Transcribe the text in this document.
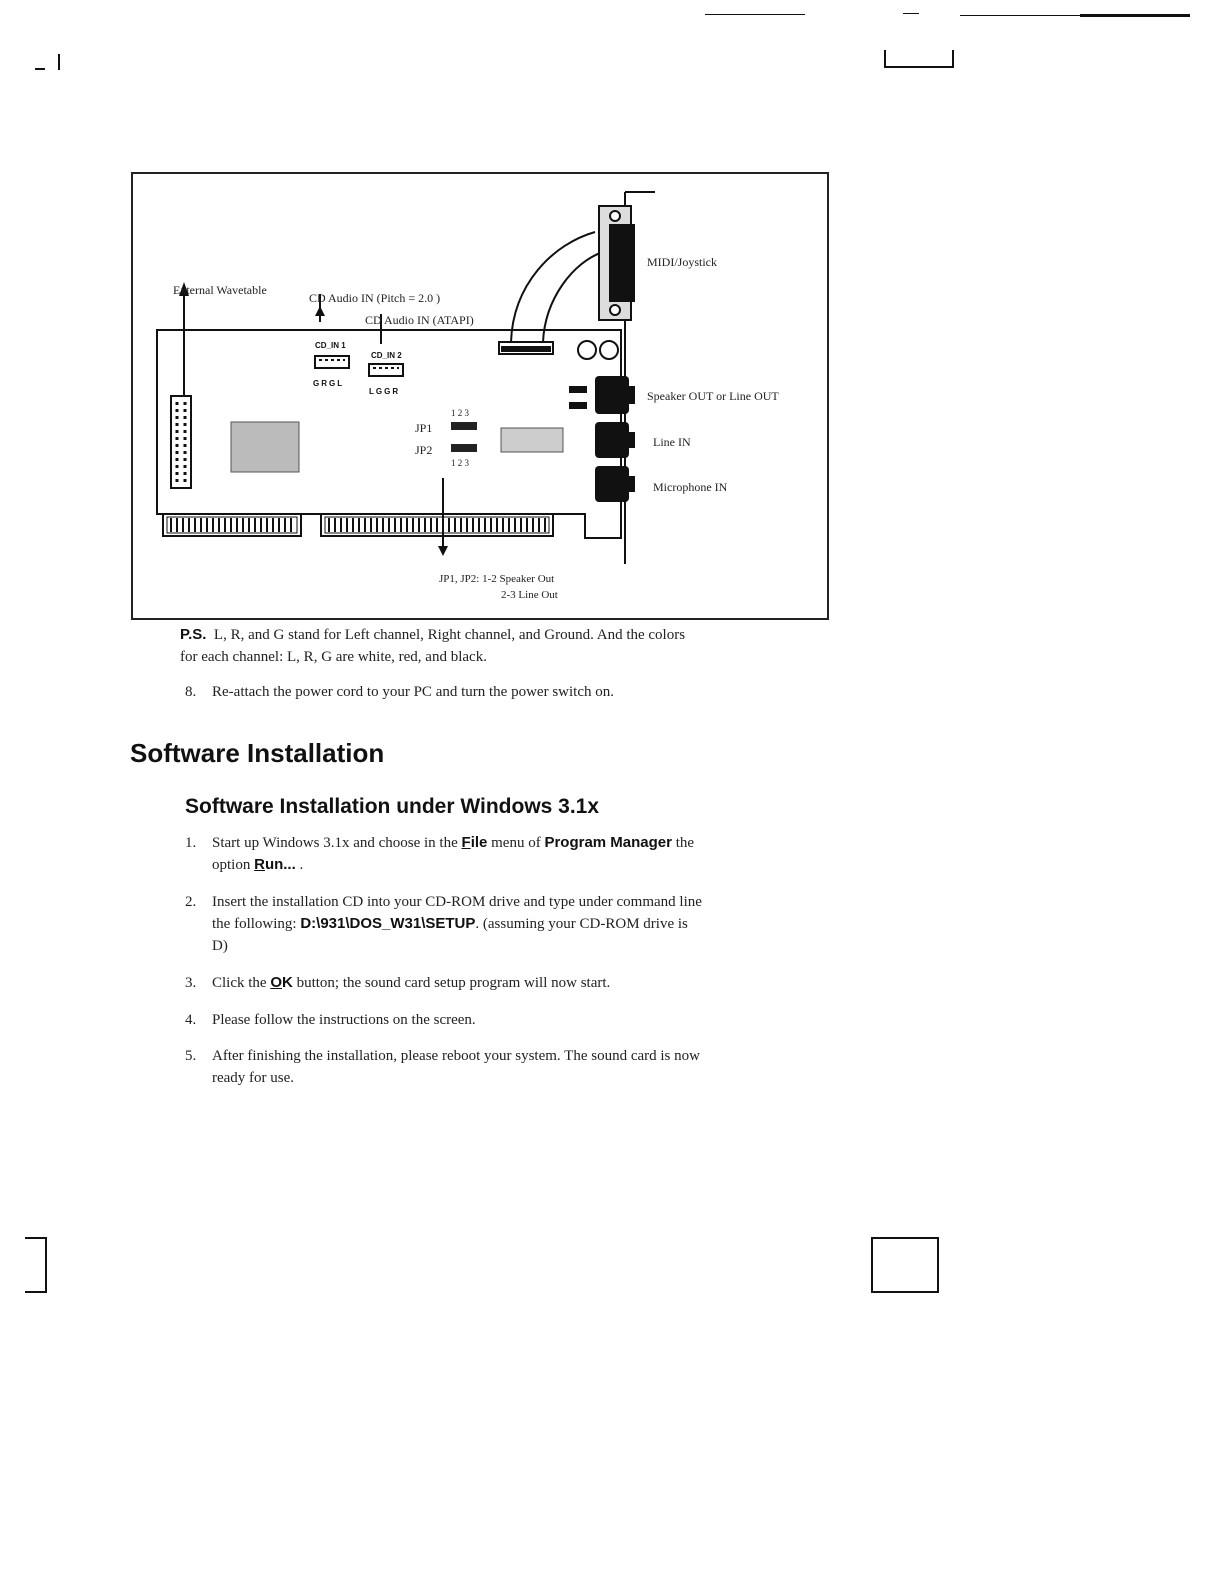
MIDI/Joystick
External Wavetable
CD Audio IN (Pitch = 2.0 )
CD Audio IN (ATAPI)
CD_IN 1
CD_IN 2
GRGL
LGGR	Speaker OUT or Line OUT
Line IN
Microphone IN
JP1
JP2
1 2 3
1 2 3
JP1, JP2: 1-2 Speaker Out
2-3 Line Out
P.S. L, R, and G stand for Left channel, Right channel, and Ground. And the colors
for each channel: L, R, G are white, red, and black.
8. Re-attach the power cord to your PC and turn the power switch on.
Software Installation
Software Installation under Windows 3.1x
1.	Start up Windows 3.1x and choose in the File menu of Program Manager the
option Run... .
2.	Insert the installation CD into your CD-ROM drive and type under command line
the following: D:\931\DOS_W31\SETUP. (assuming your CD-ROM drive is
D)
3.	Click the OK button; the sound card setup program will now start.
4.	Please follow the instructions on the screen.
5.	After finishing the installation, please reboot your system. The sound card is now
ready for use.
